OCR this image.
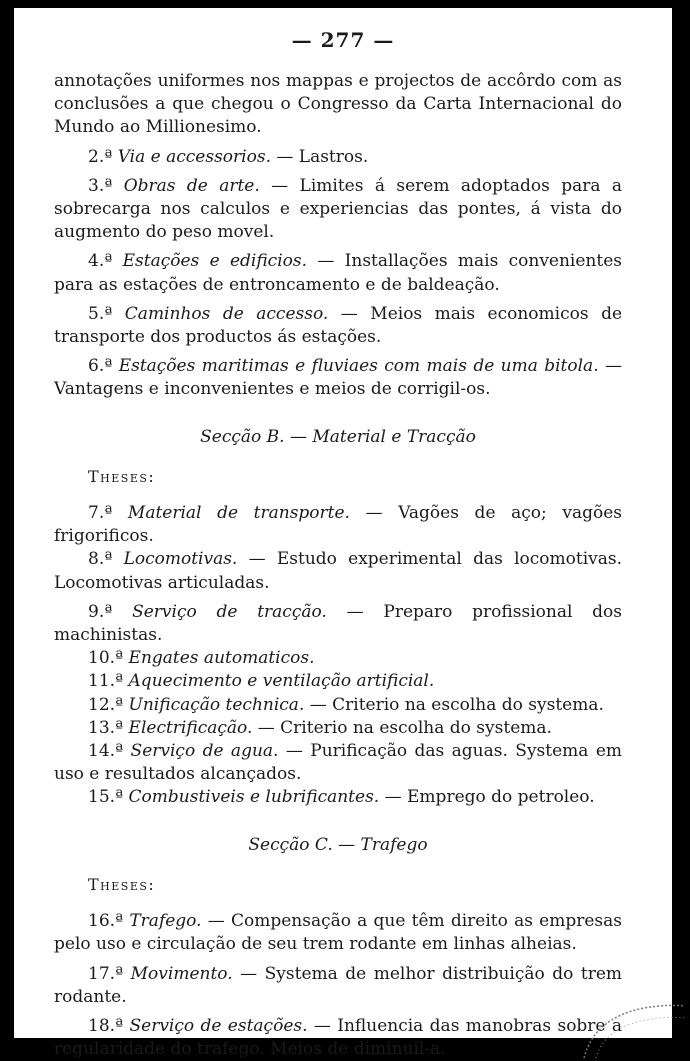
— 277 —

annotações uniformes nos mappas e projectos de accôrdo com as conclusões a que chegou o Congresso da Carta Internacional do Mundo ao Millionesimo.

2.ª Via e accessorios. — Lastros.

3.ª Obras de arte. — Limites á serem adoptados para a sobrecarga nos calculos e experiencias das pontes, á vista do augmento do peso movel.

4.ª Estações e edificios. — Installações mais convenientes para as estações de entroncamento e de baldeação.

5.ª Caminhos de accesso. — Meios mais economicos de transporte dos productos ás estações.

6.ª Estações maritimas e fluviaes com mais de uma bitola. — Vantagens e inconvenientes e meios de corrigil-os.

Secção B. — Material e Tracção
Theses:

7.ª Material de transporte. — Vagões de aço; vagões frigorificos.

8.ª Locomotivas. — Estudo experimental das locomotivas. Locomotivas articuladas.

9.ª Serviço de tracção. — Preparo profissional dos machinistas.

10.ª Engates automaticos.

11.ª Aquecimento e ventilação artificial.

12.ª Unificação technica. — Criterio na escolha do systema.

13.ª Electrificação. — Criterio na escolha do systema.

14.ª Serviço de agua. — Purificação das aguas. Systema em uso e resultados alcançados.

15.ª Combustiveis e lubrificantes. — Emprego do petroleo.

Secção C. — Trafego
Theses:

16.ª Trafego. — Compensação a que têm direito as empresas pelo uso e circulação de seu trem rodante em linhas alheias.

17.ª Movimento. — Systema de melhor distribuição do trem rodante.

18.ª Serviço de estações. — Influencia das manobras sobre a regularidade do trafego. Meios de diminuil-a.
